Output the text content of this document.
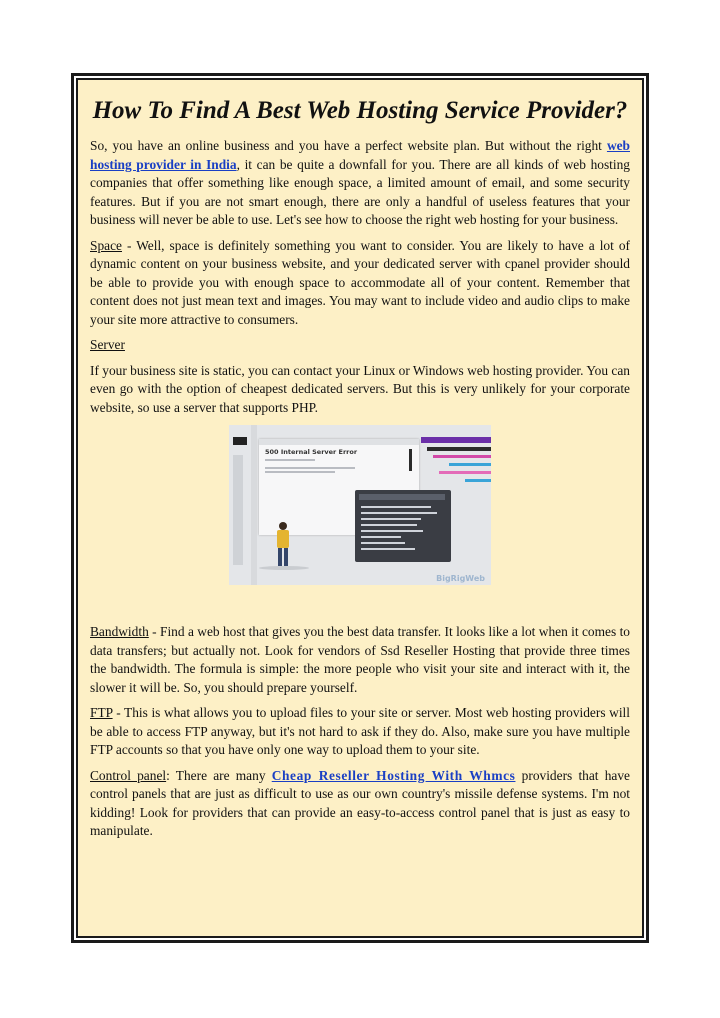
How To Find A Best Web Hosting Service Provider?

So, you have an online business and you have a perfect website plan. But without the right web hosting provider in India, it can be quite a downfall for you. There are all kinds of web hosting companies that offer something like enough space, a limited amount of email, and some security features. But if you are not smart enough, there are only a handful of useless features that your business will never be able to use. Let's see how to choose the right web hosting for your business.

Space - Well, space is definitely something you want to consider. You are likely to have a lot of dynamic content on your business website, and your dedicated server with cpanel provider should be able to provide you with enough space to accommodate all of your content. Remember that content does not just mean text and images. You may want to include video and audio clips to make your site more attractive to consumers.

Server

If your business site is static, you can contact your Linux or Windows web hosting provider. You can even go with the option of cheapest dedicated servers. But this is very unlikely for your corporate website, so use a server that supports PHP.

500 Internal Server Error
BigRigWeb

Bandwidth - Find a web host that gives you the best data transfer. It looks like a lot when it comes to data transfers; but actually not. Look for vendors of Ssd Reseller Hosting that provide three times the bandwidth. The formula is simple: the more people who visit your site and interact with it, the slower it will be. So, you should prepare yourself.

FTP - This is what allows you to upload files to your site or server. Most web hosting providers will be able to access FTP anyway, but it's not hard to ask if they do. Also, make sure you have multiple FTP accounts so that you have only one way to upload them to your site.

Control panel: There are many Cheap Reseller Hosting With Whmcs providers that have control panels that are just as difficult to use as our own country's missile defense systems. I'm not kidding! Look for providers that can provide an easy-to-access control panel that is just as easy to manipulate.
